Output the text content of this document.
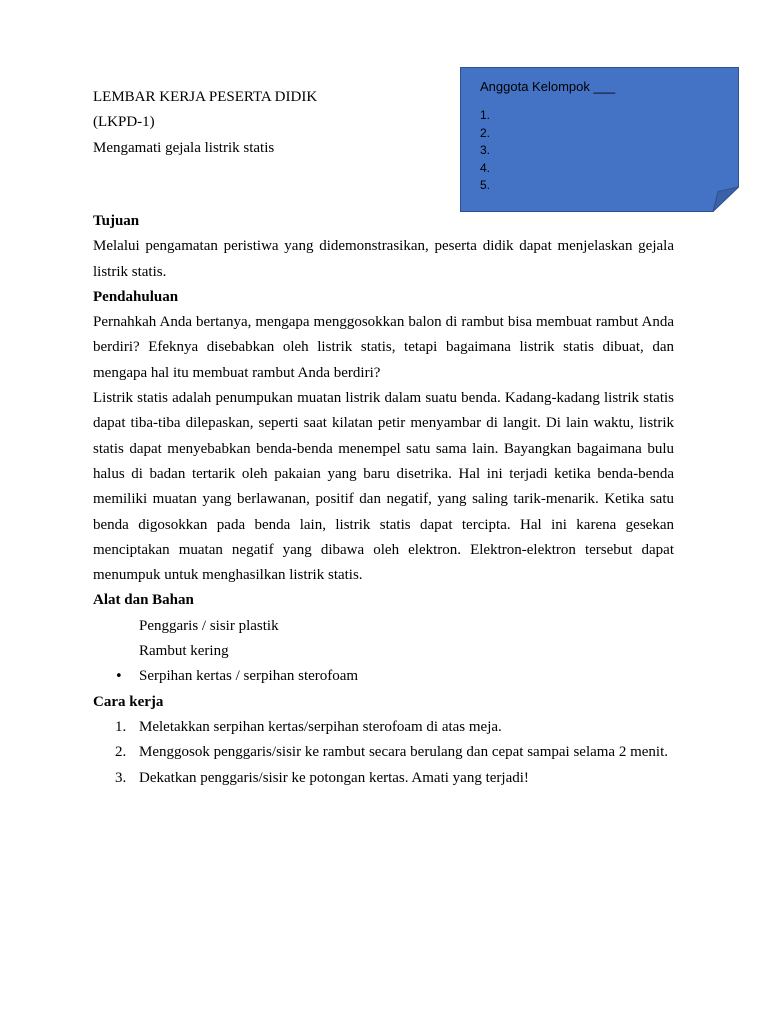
LEMBAR KERJA PESERTA DIDIK
(LKPD-1)
Mengamati gejala listrik statis
Anggota Kelompok ___
1.
2.
3.
4.
5.
Tujuan
Melalui pengamatan peristiwa yang didemonstrasikan, peserta didik dapat menjelaskan gejala listrik statis.
Pendahuluan
Pernahkah Anda bertanya, mengapa menggosokkan balon di rambut bisa membuat rambut Anda berdiri? Efeknya disebabkan oleh listrik statis, tetapi bagaimana listrik statis dibuat, dan mengapa hal itu membuat rambut Anda berdiri?
Listrik statis adalah penumpukan muatan listrik dalam suatu benda. Kadang-kadang listrik statis dapat tiba-tiba dilepaskan, seperti saat kilatan petir menyambar di langit. Di lain waktu, listrik statis dapat menyebabkan benda-benda menempel satu sama lain. Bayangkan bagaimana bulu halus di badan tertarik oleh pakaian yang baru disetrika. Hal ini terjadi ketika benda-benda memiliki muatan yang berlawanan, positif dan negatif, yang saling tarik-menarik. Ketika satu benda digosokkan pada benda lain, listrik statis dapat tercipta. Hal ini karena gesekan menciptakan muatan negatif yang dibawa oleh elektron. Elektron-elektron tersebut dapat menumpuk untuk menghasilkan listrik statis.
Alat dan Bahan
Penggaris / sisir plastik
Rambut kering
• Serpihan kertas / serpihan sterofoam
Cara kerja
1. Meletakkan serpihan kertas/serpihan sterofoam di atas meja.
2. Menggosok penggaris/sisir ke rambut secara berulang dan cepat sampai selama 2 menit.
3. Dekatkan penggaris/sisir ke potongan kertas. Amati yang terjadi!
